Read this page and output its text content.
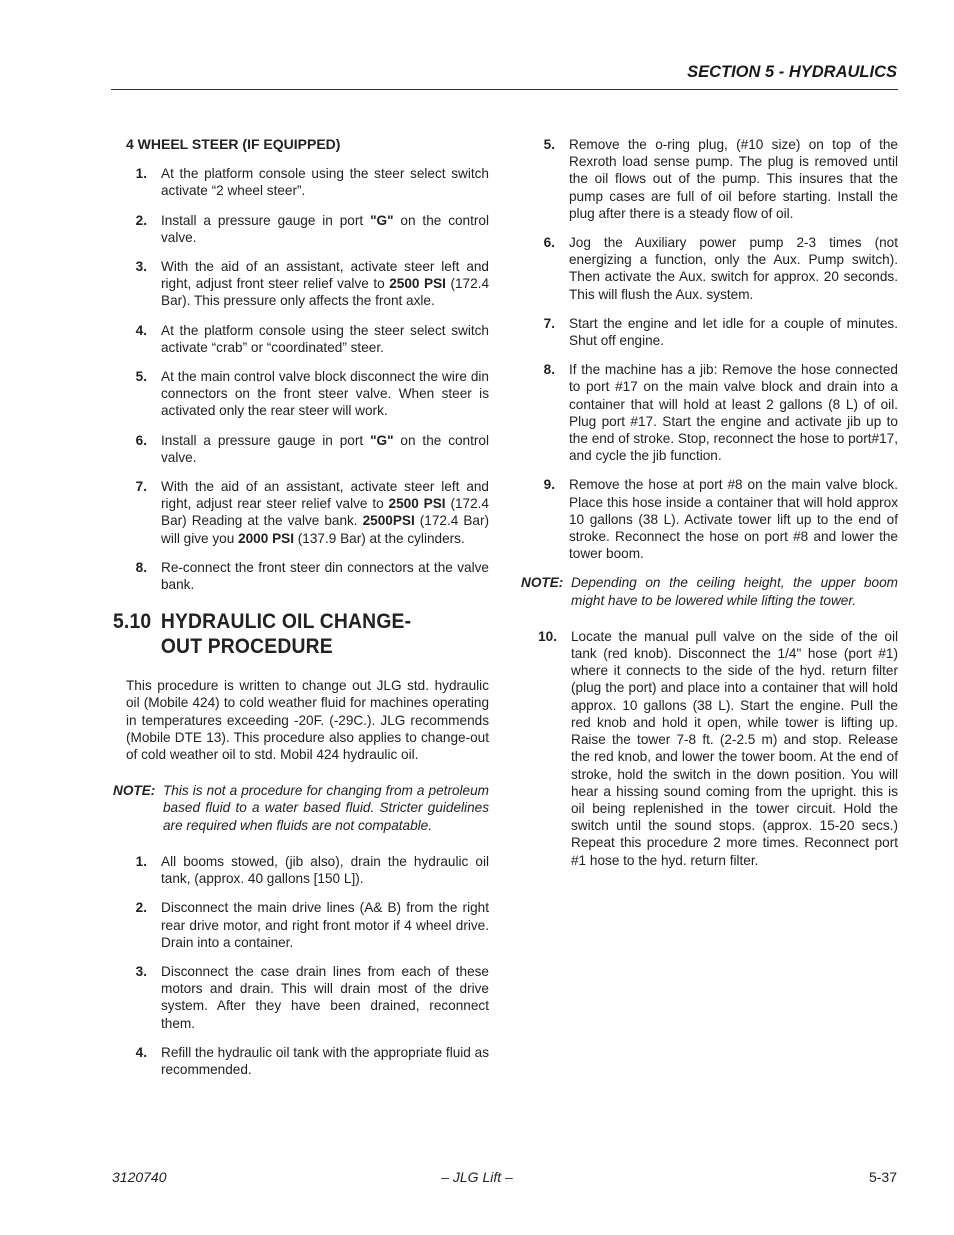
SECTION 5 - HYDRAULICS
4 WHEEL STEER (IF EQUIPPED)
1.	At the platform console using the steer select switch activate “2 wheel steer”.
2.	Install a pressure gauge in port "G" on the control valve.
3.	With the aid of an assistant, activate steer left and right, adjust front steer relief valve to 2500 PSI (172.4 Bar). This pressure only affects the front axle.
4.	At the platform console using the steer select switch activate “crab” or “coordinated” steer.
5.	At the main control valve block disconnect the wire din connectors on the front steer valve. When steer is activated only the rear steer will work.
6.	Install a pressure gauge in port "G" on the control valve.
7.	With the aid of an assistant, activate steer left and right, adjust rear steer relief valve to 2500 PSI (172.4 Bar) Reading at the valve bank. 2500PSI (172.4 Bar) will give you 2000 PSI (137.9 Bar) at the cylinders.
8.	Re-connect the front steer din connectors at the valve bank.
5.10 HYDRAULIC OIL CHANGE-OUT PROCEDURE
This procedure is written to change out JLG std. hydraulic oil (Mobile 424) to cold weather fluid for machines operating in temperatures exceeding -20F. (-29C.). JLG recommends (Mobile DTE 13). This procedure also applies to change-out of cold weather oil to std. Mobil 424 hydraulic oil.
NOTE: This is not a procedure for changing from a petroleum based fluid to a water based fluid. Stricter guidelines are required when fluids are not compatable.
1.	All booms stowed, (jib also), drain the hydraulic oil tank, (approx. 40 gallons [150 L]).
2.	Disconnect the main drive lines (A& B) from the right rear drive motor, and right front motor if 4 wheel drive. Drain into a container.
3.	Disconnect the case drain lines from each of these motors and drain. This will drain most of the drive system. After they have been drained, reconnect them.
4.	Refill the hydraulic oil tank with the appropriate fluid as recommended.
5.	Remove the o-ring plug, (#10 size) on top of the Rexroth load sense pump. The plug is removed until the oil flows out of the pump. This insures that the pump cases are full of oil before starting. Install the plug after there is a steady flow of oil.
6.	Jog the Auxiliary power pump 2-3 times (not energizing a function, only the Aux. Pump switch). Then activate the Aux. switch for approx. 20 seconds. This will flush the Aux. system.
7.	Start the engine and let idle for a couple of minutes. Shut off engine.
8.	If the machine has a jib: Remove the hose connected to port #17 on the main valve block and drain into a container that will hold at least 2 gallons (8 L) of oil. Plug port #17. Start the engine and activate jib up to the end of stroke. Stop, reconnect the hose to port#17, and cycle the jib function.
9.	Remove the hose at port #8 on the main valve block. Place this hose inside a container that will hold approx 10 gallons (38 L). Activate tower lift up to the end of stroke. Reconnect the hose on port #8 and lower the tower boom.
NOTE: Depending on the ceiling height, the upper boom might have to be lowered while lifting the tower.
10.	Locate the manual pull valve on the side of the oil tank (red knob). Disconnect the 1/4" hose (port #1) where it connects to the side of the hyd. return filter (plug the port) and place into a container that will hold approx. 10 gallons (38 L). Start the engine. Pull the red knob and hold it open, while tower is lifting up. Raise the tower 7-8 ft. (2-2.5 m) and stop. Release the red knob, and lower the tower boom. At the end of stroke, hold the switch in the down position. You will hear a hissing sound coming from the upright. this is oil being replenished in the tower circuit. Hold the switch until the sound stops. (approx. 15-20 secs.) Repeat this procedure 2 more times. Reconnect port #1 hose to the hyd. return filter.
3120740	– JLG Lift –	5-37
